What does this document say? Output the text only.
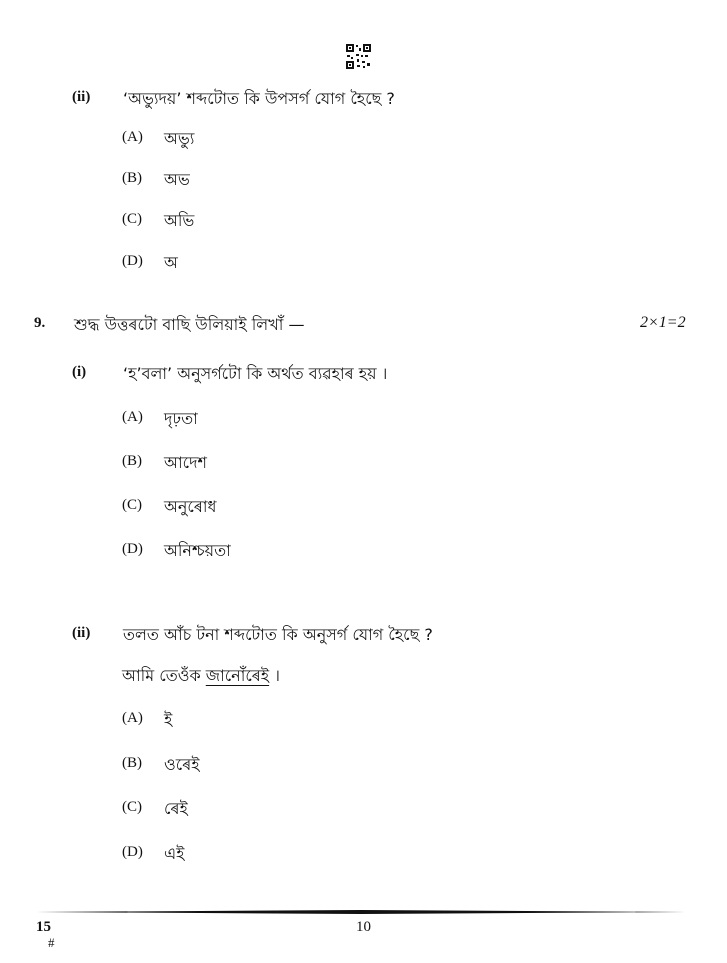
(ii) ‘অভ্যুদয়’ শব্দটোত কি উপসৰ্গ যোগ হৈছে ?
(A) অভ্যু
(B) অভ
(C) অভি
(D) অ
9. শুদ্ধ উত্তৰটো বাছি উলিয়াই লিখাঁ —	2×1=2
(i) ‘হ’বলা’ অনুসৰ্গটো কি অৰ্থত ব্যৱহাৰ হয় ।
(A) দৃঢ়তা
(B) আদেশ
(C) অনুৰোধ
(D) অনিশ্চয়তা
(ii) তলত আঁচ টনা শব্দটোত কি অনুসৰ্গ যোগ হৈছে ?
আমি তেওঁক জানোঁৰেই ।
(A) ই
(B) ওৰেই
(C) ৰেই
(D) এই
15
#
10
